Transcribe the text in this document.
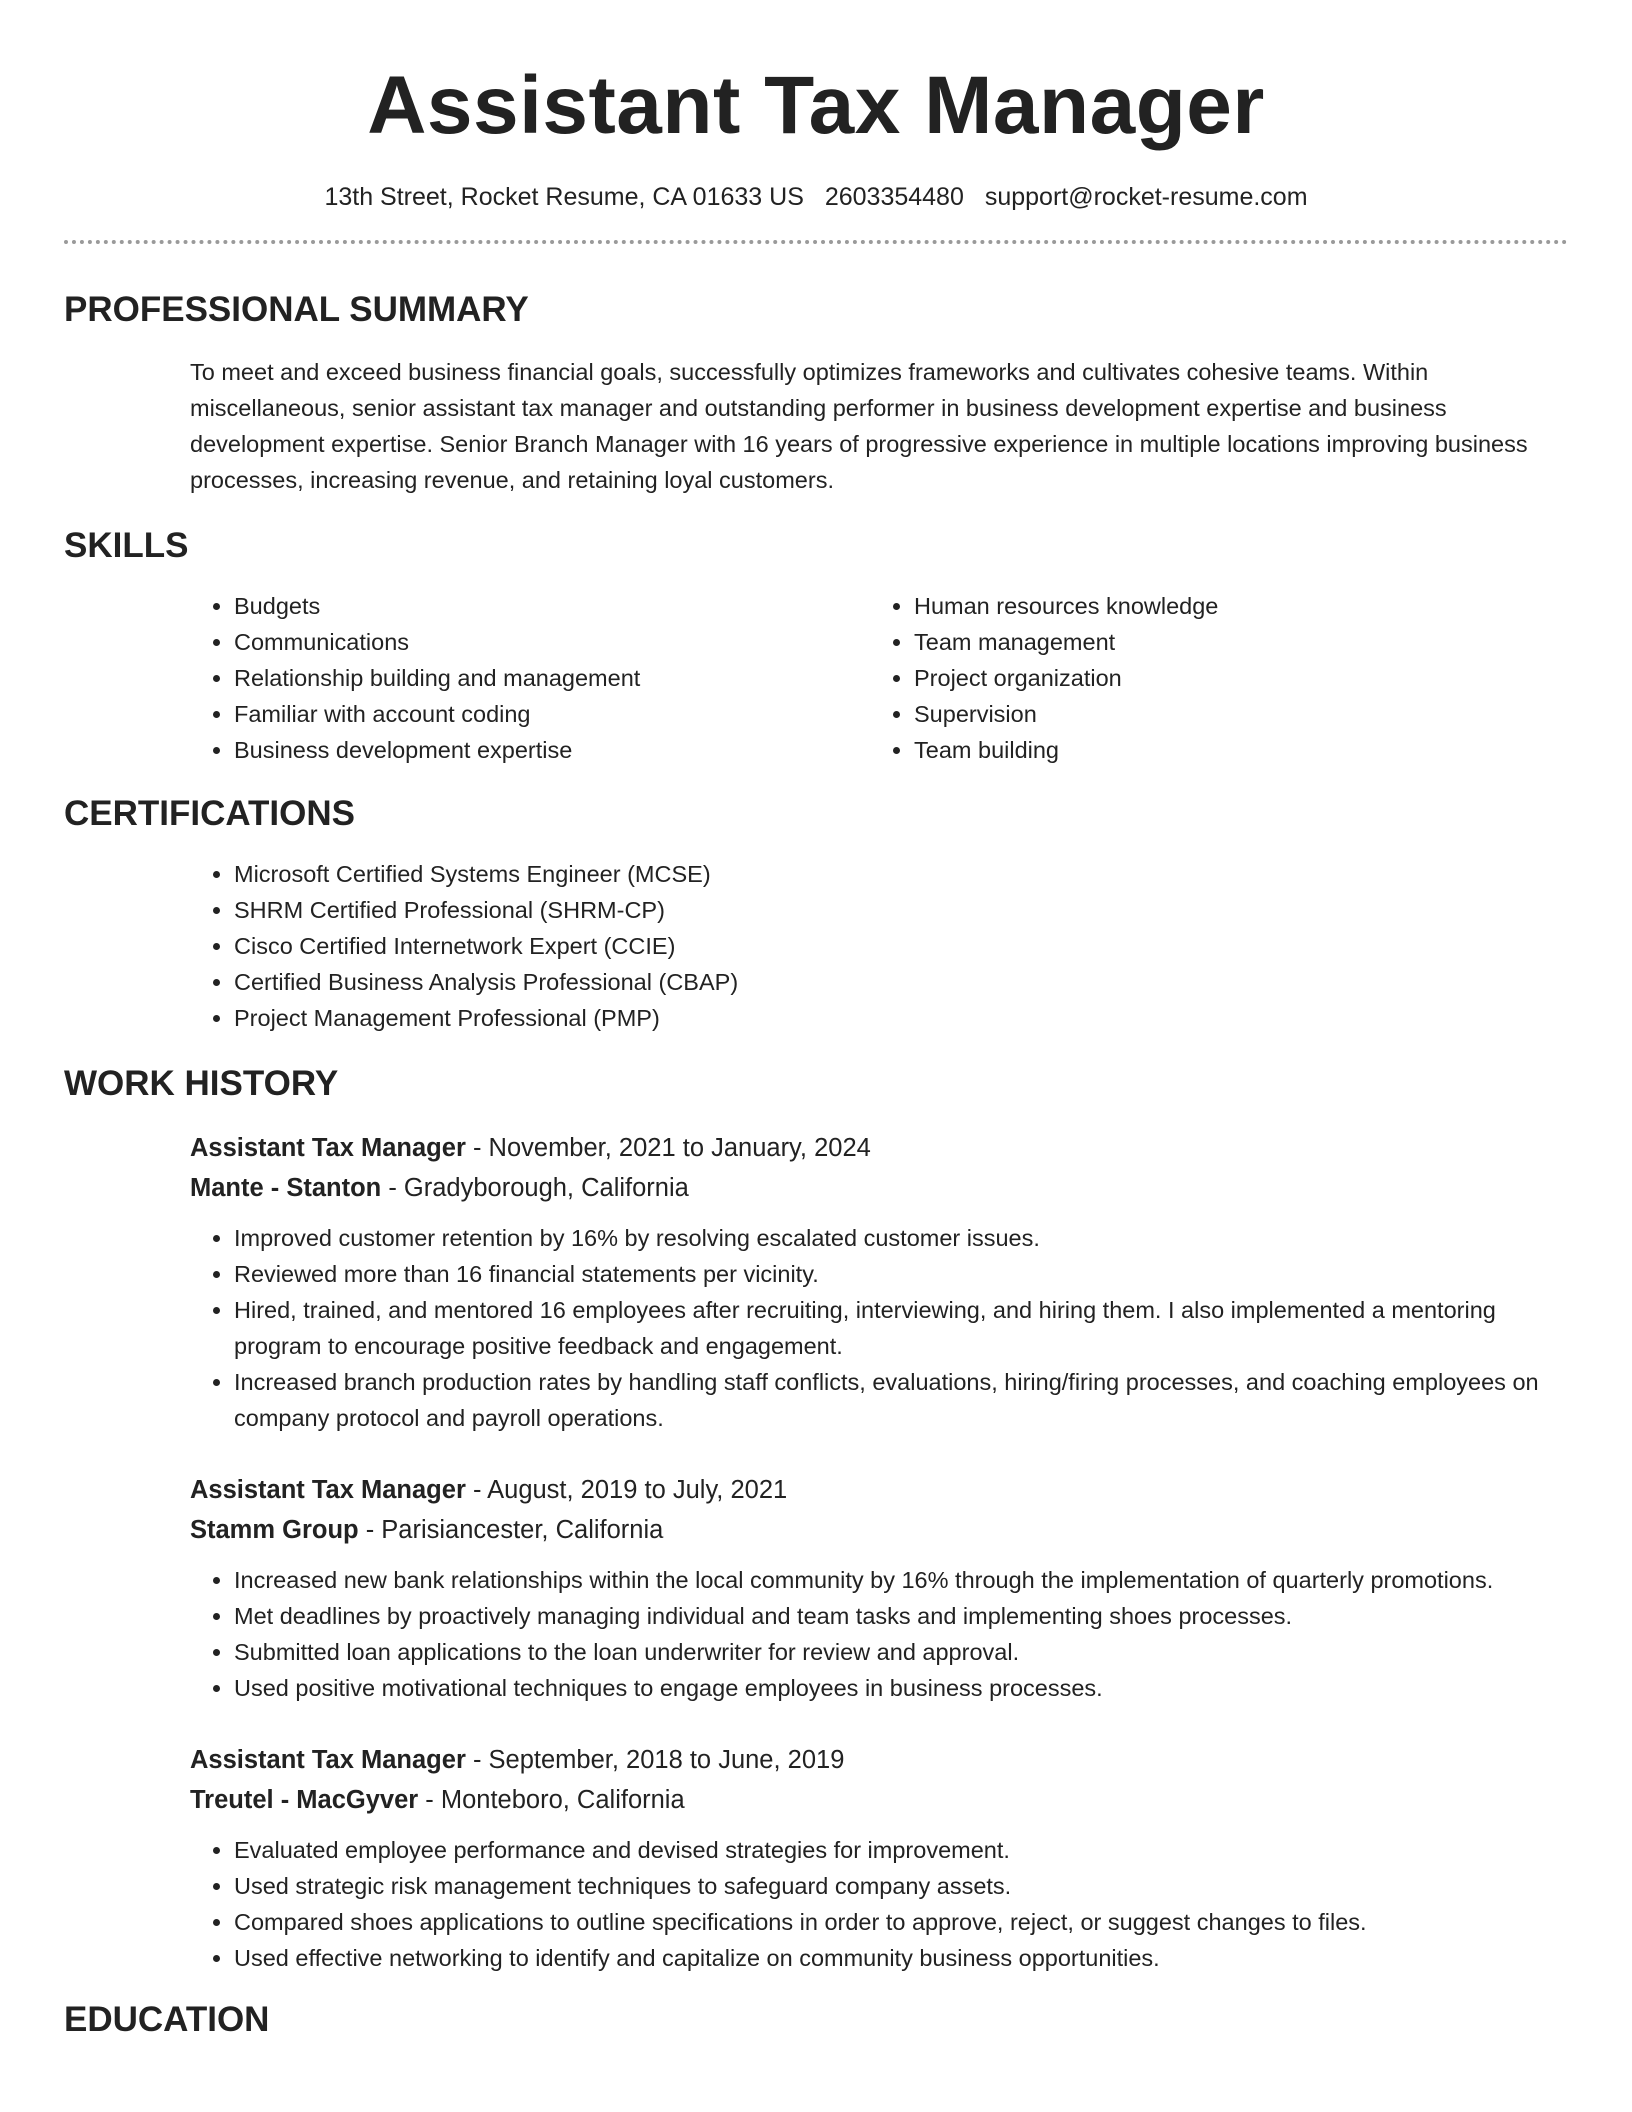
Assistant Tax Manager
13th Street, Rocket Resume, CA 01633 US 2603354480 support@rocket-resume.com
PROFESSIONAL SUMMARY

To meet and exceed business financial goals, successfully optimizes frameworks and cultivates cohesive teams. Within miscellaneous, senior assistant tax manager and outstanding performer in business development expertise and business development expertise. Senior Branch Manager with 16 years of progressive experience in multiple locations improving business processes, increasing revenue, and retaining loyal customers.

SKILLS
• Budgets
• Communications
• Relationship building and management
• Familiar with account coding
• Business development expertise
• Human resources knowledge
• Team management
• Project organization
• Supervision
• Team building
CERTIFICATIONS
• Microsoft Certified Systems Engineer (MCSE)
• SHRM Certified Professional (SHRM-CP)
• Cisco Certified Internetwork Expert (CCIE)
• Certified Business Analysis Professional (CBAP)
• Project Management Professional (PMP)
WORK HISTORY
Assistant Tax Manager - November, 2021 to January, 2024
Mante - Stanton - Gradyborough, California
• Improved customer retention by 16% by resolving escalated customer issues.
• Reviewed more than 16 financial statements per vicinity.
• Hired, trained, and mentored 16 employees after recruiting, interviewing, and hiring them. I also implemented a mentoring program to encourage positive feedback and engagement.
• Increased branch production rates by handling staff conflicts, evaluations, hiring/firing processes, and coaching employees on company protocol and payroll operations.
Assistant Tax Manager - August, 2019 to July, 2021
Stamm Group - Parisiancester, California
• Increased new bank relationships within the local community by 16% through the implementation of quarterly promotions.
• Met deadlines by proactively managing individual and team tasks and implementing shoes processes.
• Submitted loan applications to the loan underwriter for review and approval.
• Used positive motivational techniques to engage employees in business processes.
Assistant Tax Manager - September, 2018 to June, 2019
Treutel - MacGyver - Monteboro, California
• Evaluated employee performance and devised strategies for improvement.
• Used strategic risk management techniques to safeguard company assets.
• Compared shoes applications to outline specifications in order to approve, reject, or suggest changes to files.
• Used effective networking to identify and capitalize on community business opportunities.
EDUCATION
